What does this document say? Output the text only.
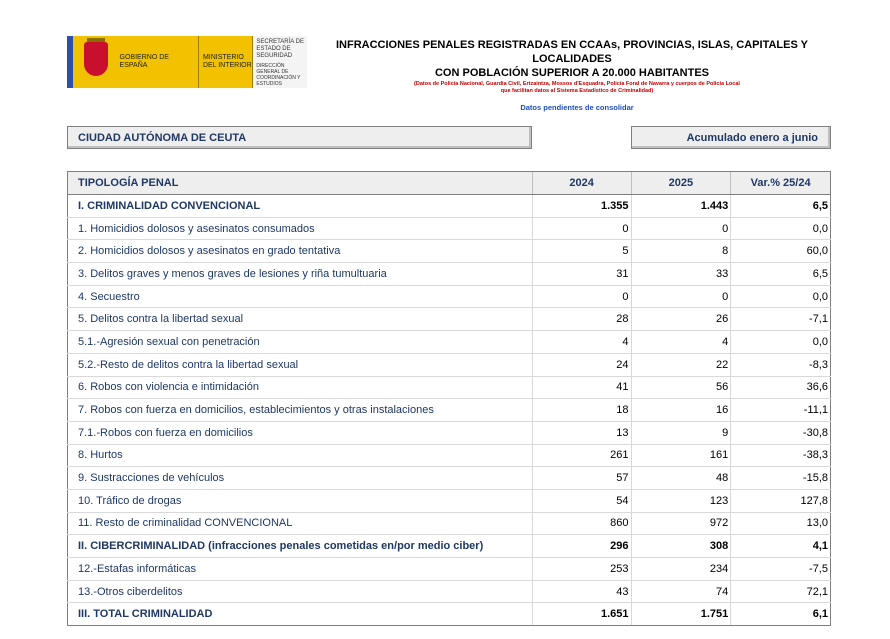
GOBIERNO DE ESPAÑA
MINISTERIO DEL INTERIOR
SECRETARÍA DE ESTADO DE SEGURIDAD
DIRECCIÓN GENERAL DE COORDINACIÓN Y ESTUDIOS
INFRACCIONES PENALES REGISTRADAS EN CCAAs, PROVINCIAS, ISLAS, CAPITALES Y LOCALIDADES
CON POBLACIÓN SUPERIOR A 20.000 HABITANTES
(Datos de Policía Nacional, Guardia Civil, Ertzaintza, Mossos d'Esquadra, Policía Foral de Navarra y cuerpos de Policía Local
que facilitan datos al Sistema Estadístico de Criminalidad)
Datos pendientes de consolidar
CIUDAD AUTÓNOMA DE CEUTA	Acumulado enero a junio
TIPOLOGÍA PENAL	2024	2025	Var.% 25/24
I. CRIMINALIDAD CONVENCIONAL	1.355	1.443	6,5
1. Homicidios dolosos y asesinatos consumados	0	0	0,0
2. Homicidios dolosos y asesinatos en grado tentativa	5	8	60,0
3. Delitos graves y menos graves de lesiones y riña tumultuaria	31	33	6,5
4. Secuestro	0	0	0,0
5. Delitos contra la libertad sexual	28	26	-7,1
5.1.-Agresión sexual con penetración	4	4	0,0
5.2.-Resto de delitos contra la libertad sexual	24	22	-8,3
6. Robos con violencia e intimidación	41	56	36,6
7. Robos con fuerza en domicilios, establecimientos y otras instalaciones	18	16	-11,1
7.1.-Robos con fuerza en domicilios	13	9	-30,8
8. Hurtos	261	161	-38,3
9. Sustracciones de vehículos	57	48	-15,8
10. Tráfico de drogas	54	123	127,8
11. Resto de criminalidad CONVENCIONAL	860	972	13,0
II. CIBERCRIMINALIDAD (infracciones penales cometidas en/por medio ciber)	296	308	4,1
12.-Estafas informáticas	253	234	-7,5
13.-Otros ciberdelitos	43	74	72,1
III. TOTAL CRIMINALIDAD	1.651	1.751	6,1
